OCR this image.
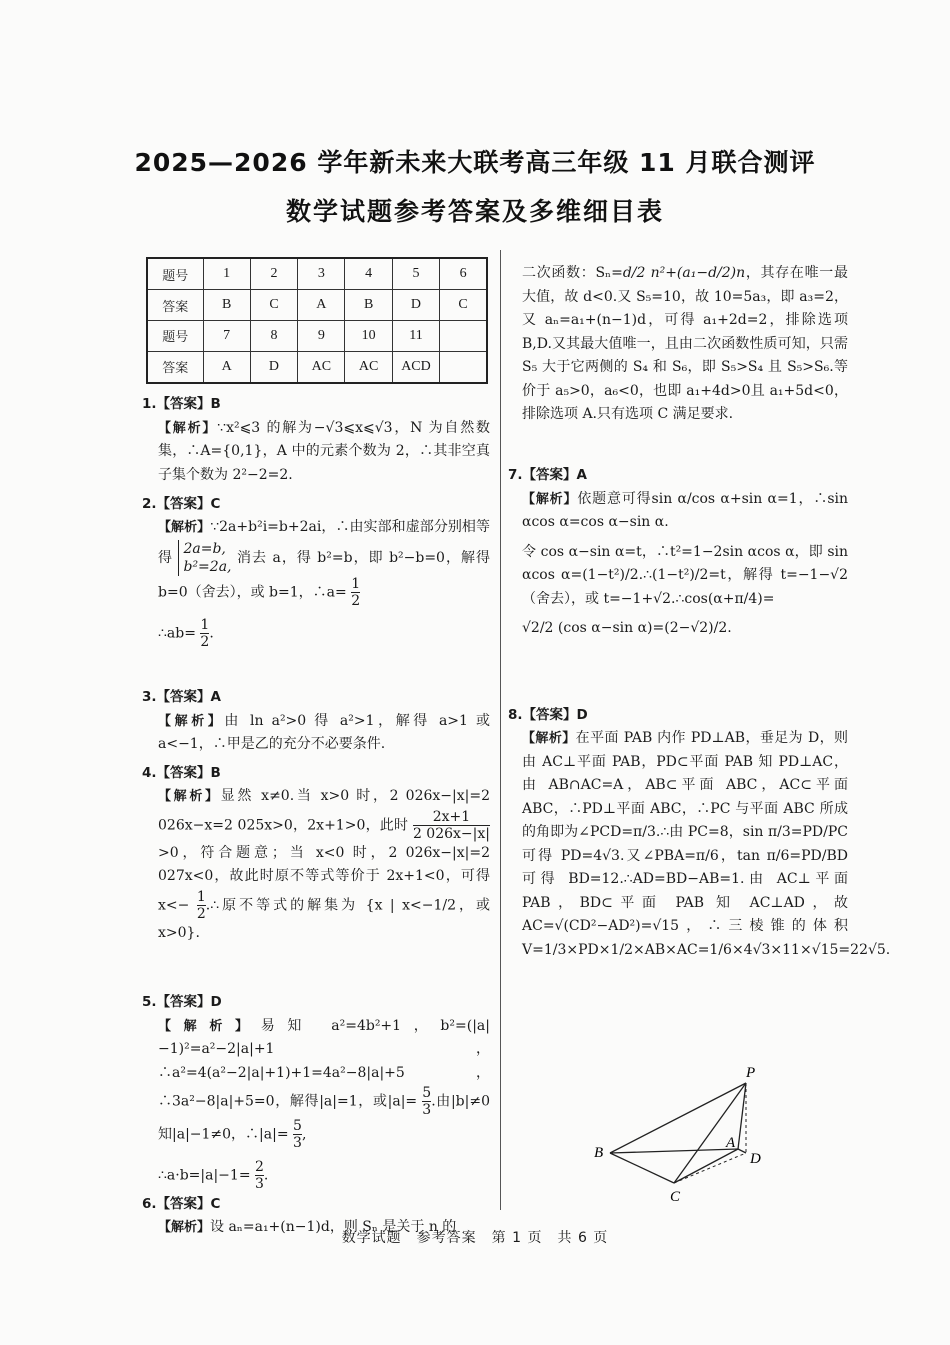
2025—2026 学年新未来大联考高三年级 11 月联合测评
数学试题参考答案及多维细目表
题号	1	2	3	4	5	6
答案	B	C	A	B	D	C
题号	7	8	9	10	11	
答案	A	D	AC	AC	ACD	
1.【答案】B

【解析】∵x²⩽3 的解为−√3⩽x⩽√3，N 为自然数集，∴A={0,1}，A 中的元素个数为 2，∴其非空真子集个数为 2²−2=2.

2.【答案】C

【解析】∵2a+b²i=b+2ai，∴由实部和虚部分别相等得
2a=b,
b²=2a,
消去 a，得 b²=b，即 b²−b=0，解得 b=0（舍去），或 b=1，∴a= $\frac{1}{2}$

∴ab= $\frac{1}{2}$ .

3.【答案】A

【解析】由 ln a²>0 得 a²>1，解得 a>1 或 a<−1，∴甲是乙的充分不必要条件.

4.【答案】B

【解析】显然 x≠0.当 x>0 时，2 026x−|x|=2 026x−x=2 025x>0，2x+1>0，此时 $\frac{2x+1}{2 026x-|x|}$
>0，符合题意；当 x<0 时，2 026x−|x|=2 027x<0，故此时原不等式等价于 2x+1<0，可得 $x<- \frac{1}{2}$ .∴原不等式的解集为 {x | x<−1/2，或 x>0}.

5.【答案】D

【解析】易知 a²=4b²+1，b²=(|a|−1)²=a²−2|a|+1，∴a²=4(a²−2|a|+1)+1=4a²−8|a|+5，∴3a²−8|a|+5=0，解得|a|=1，或$|a|= \frac{5}{3}$ .由|b|≠0 知|a|−1≠0，∴|a|= $\frac{5}{3}$ ,

∴a·b=|a|−1= $\frac{2}{3}$ .

6.【答案】C

【解析】设 aₙ=a₁+(n−1)d，则 Sₙ 是关于 n 的

二次函数：Sₙ=d/2 n²+(a₁−d/2)n，其存在唯一最大值，故 d<0.又 S₅=10，故 10=5a₃，即 a₃=2，又 aₙ=a₁+(n−1)d，可得 a₁+2d=2，排除选项 B,D.又其最大值唯一，且由二次函数性质可知，只需 S₅ 大于它两侧的 S₄ 和 S₆，即 S₅>S₄ 且 S₅>S₆.等价于 a₅>0，a₆<0，也即 a₁+4d>0且 a₁+5d<0，排除选项 A.只有选项 C 满足要求.

7.【答案】A

【解析】依题意可得sin α/cos α+sin α=1，∴sin αcos α=cos α−sin α.

令 cos α−sin α=t，∴t²=1−2sin αcos α，即 sin αcos α=(1−t²)/2.∴(1−t²)/2=t，解得 t=−1−√2（舍去），或 t=−1+√2.∴cos(α+π/4)=

√2/2 (cos α−sin α)=(2−√2)/2.

8.【答案】D

【解析】在平面 PAB 内作 PD⊥AB，垂足为 D，则由 AC⊥平面 PAB，PD⊂平面 PAB 知 PD⊥AC，由 AB∩AC=A，AB⊂平面 ABC，AC⊂平面 ABC，∴PD⊥平面 ABC，∴PC 与平面 ABC 所成的角即为∠PCD=π/3.∴由 PC=8，sin π/3=PD/PC 可得 PD=4√3.又∠PBA=π/6，tan π/6=PD/BD 可得 BD=12.∴AD=BD−AB=1.由 AC⊥平面 PAB，BD⊂平面 PAB 知 AC⊥AD，故 AC=√(CD²−AD²)=√15，∴三棱锥的体积 V=1/3×PD×1/2×AB×AC=1/6×4√3×11×√15=22√5.

P
A
B	D
C
数学试题　参考答案　第 1 页　共 6 页
